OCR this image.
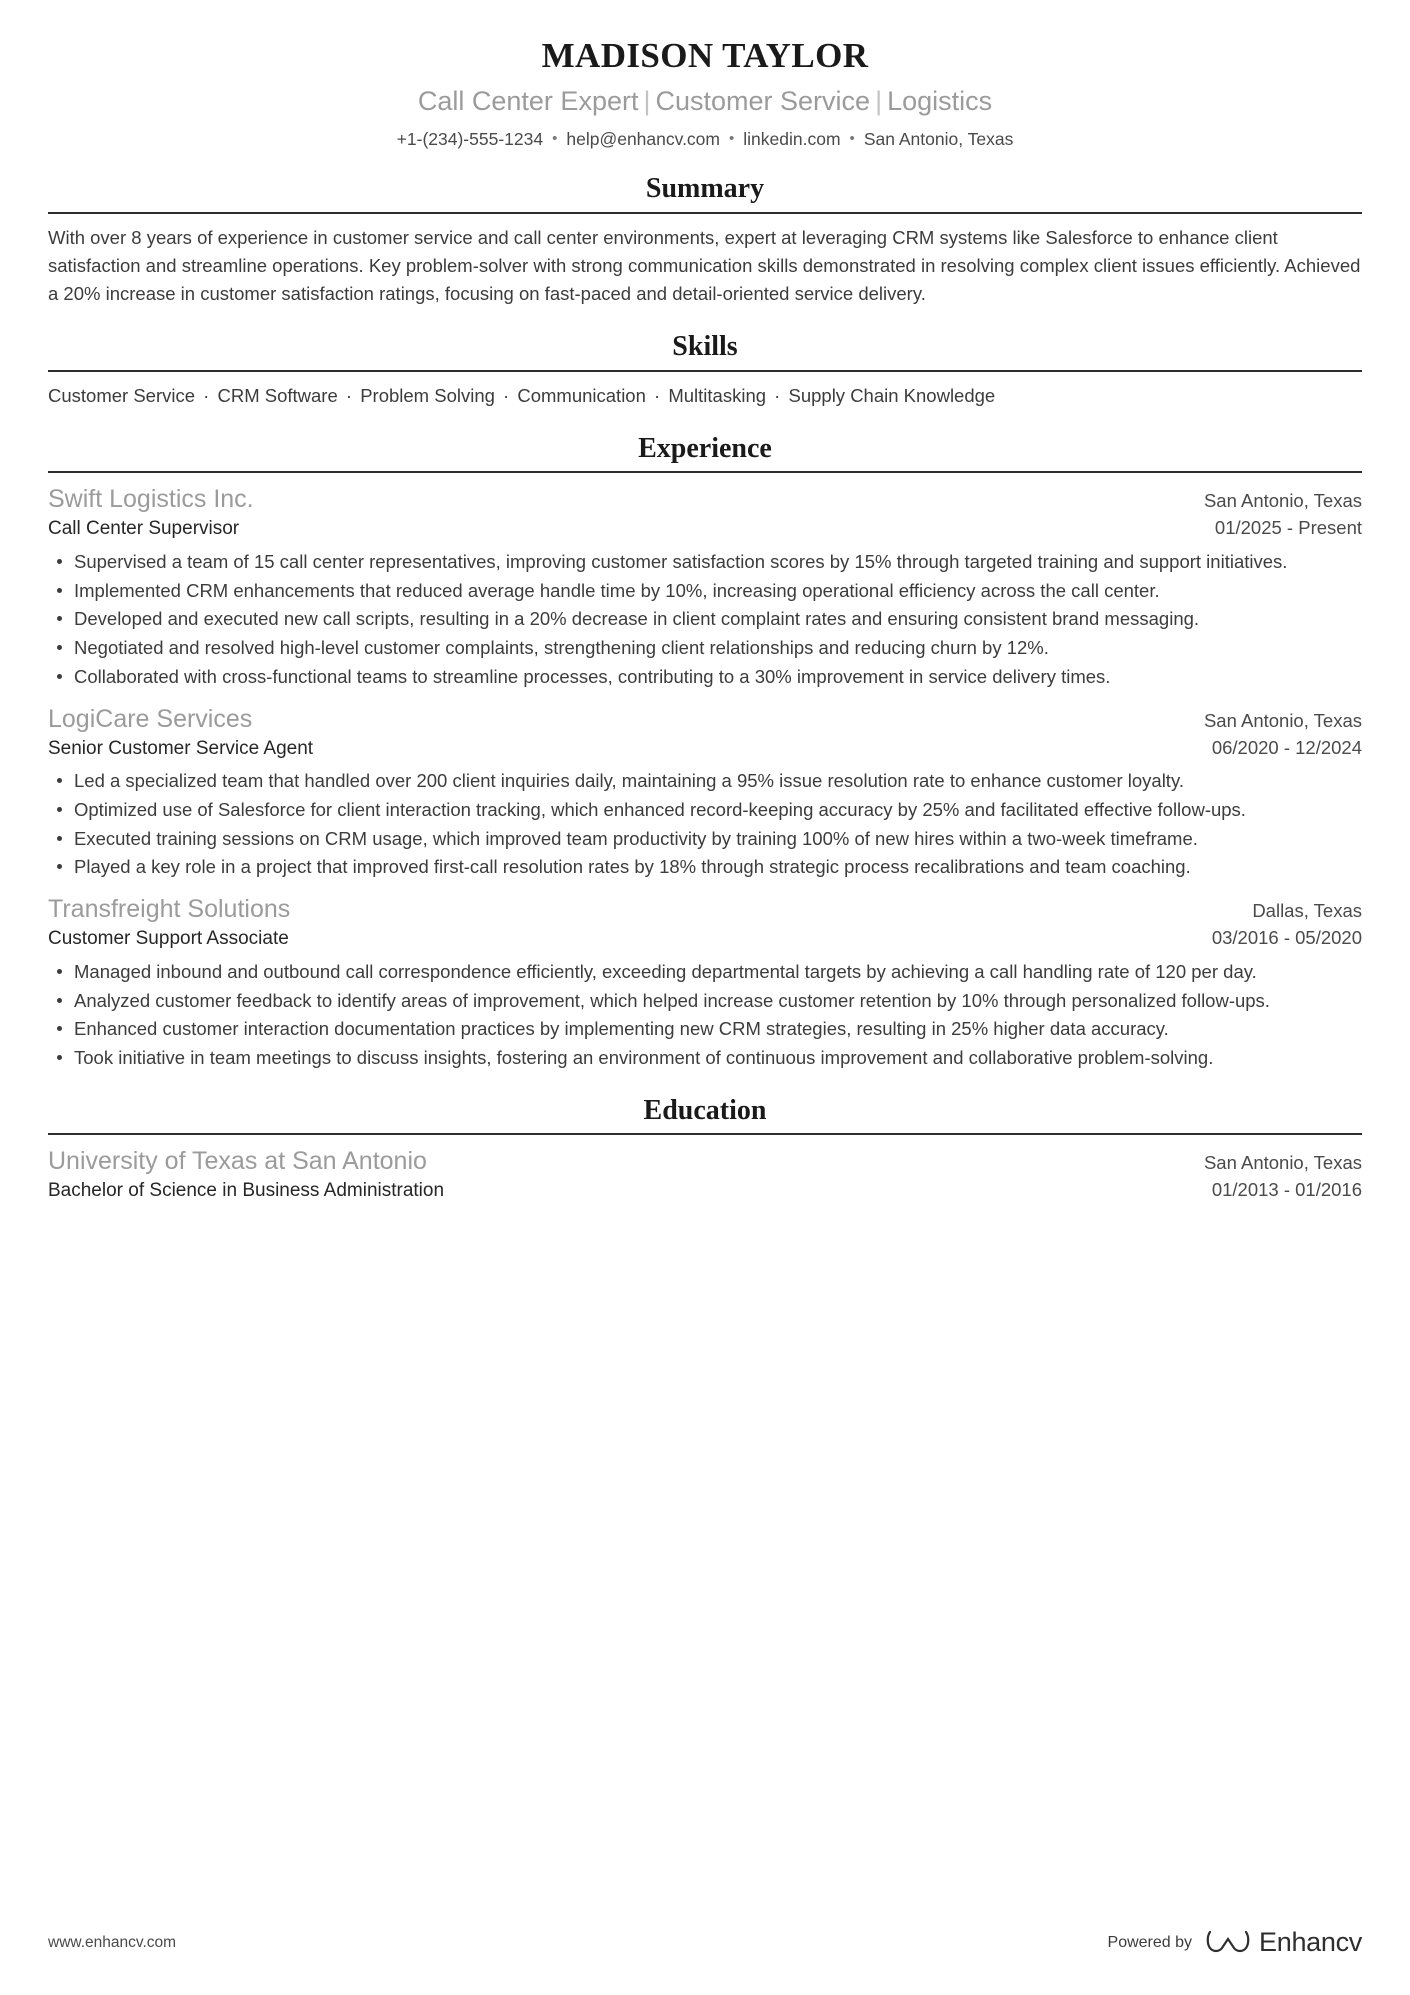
MADISON TAYLOR
Call Center Expert | Customer Service | Logistics
+1-(234)-555-1234 • help@enhancv.com • linkedin.com • San Antonio, Texas
Summary
With over 8 years of experience in customer service and call center environments, expert at leveraging CRM systems like Salesforce to enhance client satisfaction and streamline operations. Key problem-solver with strong communication skills demonstrated in resolving complex client issues efficiently. Achieved a 20% increase in customer satisfaction ratings, focusing on fast-paced and detail-oriented service delivery.
Skills
Customer Service · CRM Software · Problem Solving · Communication · Multitasking · Supply Chain Knowledge
Experience
Swift Logistics Inc.	San Antonio, Texas
Call Center Supervisor	01/2025 - Present
Supervised a team of 15 call center representatives, improving customer satisfaction scores by 15% through targeted training and support initiatives.
Implemented CRM enhancements that reduced average handle time by 10%, increasing operational efficiency across the call center.
Developed and executed new call scripts, resulting in a 20% decrease in client complaint rates and ensuring consistent brand messaging.
Negotiated and resolved high-level customer complaints, strengthening client relationships and reducing churn by 12%.
Collaborated with cross-functional teams to streamline processes, contributing to a 30% improvement in service delivery times.
LogiCare Services	San Antonio, Texas
Senior Customer Service Agent	06/2020 - 12/2024
Led a specialized team that handled over 200 client inquiries daily, maintaining a 95% issue resolution rate to enhance customer loyalty.
Optimized use of Salesforce for client interaction tracking, which enhanced record-keeping accuracy by 25% and facilitated effective follow-ups.
Executed training sessions on CRM usage, which improved team productivity by training 100% of new hires within a two-week timeframe.
Played a key role in a project that improved first-call resolution rates by 18% through strategic process recalibrations and team coaching.
Transfreight Solutions	Dallas, Texas
Customer Support Associate	03/2016 - 05/2020
Managed inbound and outbound call correspondence efficiently, exceeding departmental targets by achieving a call handling rate of 120 per day.
Analyzed customer feedback to identify areas of improvement, which helped increase customer retention by 10% through personalized follow-ups.
Enhanced customer interaction documentation practices by implementing new CRM strategies, resulting in 25% higher data accuracy.
Took initiative in team meetings to discuss insights, fostering an environment of continuous improvement and collaborative problem-solving.
Education
University of Texas at San Antonio	San Antonio, Texas
Bachelor of Science in Business Administration	01/2013 - 01/2016
www.enhancv.com	Powered by Enhancv
